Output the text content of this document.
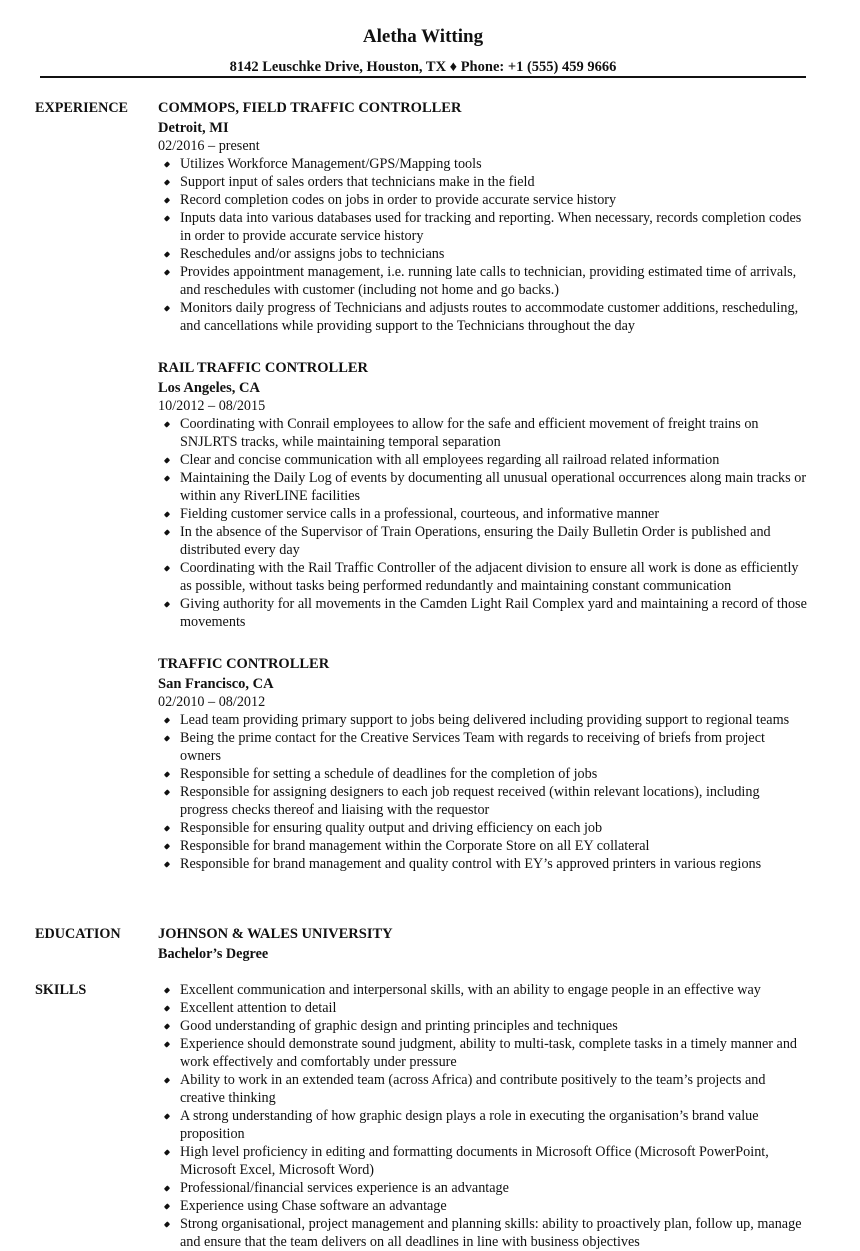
Aletha Witting
8142 Leuschke Drive, Houston, TX ♦ Phone: +1 (555) 459 9666
EXPERIENCE COMMOPS, FIELD TRAFFIC CONTROLLER
Detroit, MI
02/2016 – present
Utilizes Workforce Management/GPS/Mapping tools
Support input of sales orders that technicians make in the field
Record completion codes on jobs in order to provide accurate service history
Inputs data into various databases used for tracking and reporting. When necessary, records completion codes in order to provide accurate service history
Reschedules and/or assigns jobs to technicians
Provides appointment management, i.e. running late calls to technician, providing estimated time of arrivals, and reschedules with customer (including not home and go backs.)
Monitors daily progress of Technicians and adjusts routes to accommodate customer additions, rescheduling, and cancellations while providing support to the Technicians throughout the day
RAIL TRAFFIC CONTROLLER
Los Angeles, CA
10/2012 – 08/2015
Coordinating with Conrail employees to allow for the safe and efficient movement of freight trains on SNJLRTS tracks, while maintaining temporal separation
Clear and concise communication with all employees regarding all railroad related information
Maintaining the Daily Log of events by documenting all unusual operational occurrences along main tracks or within any RiverLINE facilities
Fielding customer service calls in a professional, courteous, and informative manner
In the absence of the Supervisor of Train Operations, ensuring the Daily Bulletin Order is published and distributed every day
Coordinating with the Rail Traffic Controller of the adjacent division to ensure all work is done as efficiently as possible, without tasks being performed redundantly and maintaining constant communication
Giving authority for all movements in the Camden Light Rail Complex yard and maintaining a record of those movements
TRAFFIC CONTROLLER
San Francisco, CA
02/2010 – 08/2012
Lead team providing primary support to jobs being delivered including providing support to regional teams
Being the prime contact for the Creative Services Team with regards to receiving of briefs from project owners
Responsible for setting a schedule of deadlines for the completion of jobs
Responsible for assigning designers to each job request received (within relevant locations), including progress checks thereof and liaising with the requestor
Responsible for ensuring quality output and driving efficiency on each job
Responsible for brand management within the Corporate Store on all EY collateral
Responsible for brand management and quality control with EY’s approved printers in various regions
EDUCATION	JOHNSON & WALES UNIVERSITY
Bachelor’s Degree
SKILLS	Excellent communication and interpersonal skills, with an ability to engage people in an effective way
Excellent attention to detail
Good understanding of graphic design and printing principles and techniques
Experience should demonstrate sound judgment, ability to multi-task, complete tasks in a timely manner and work effectively and comfortably under pressure
Ability to work in an extended team (across Africa) and contribute positively to the team’s projects and creative thinking
A strong understanding of how graphic design plays a role in executing the organisation’s brand value proposition
High level proficiency in editing and formatting documents in Microsoft Office (Microsoft PowerPoint, Microsoft Excel, Microsoft Word)
Professional/financial services experience is an advantage
Experience using Chase software an advantage
Strong organisational, project management and planning skills: ability to proactively plan, follow up, manage and ensure that the team delivers on all deadlines in line with business objectives
